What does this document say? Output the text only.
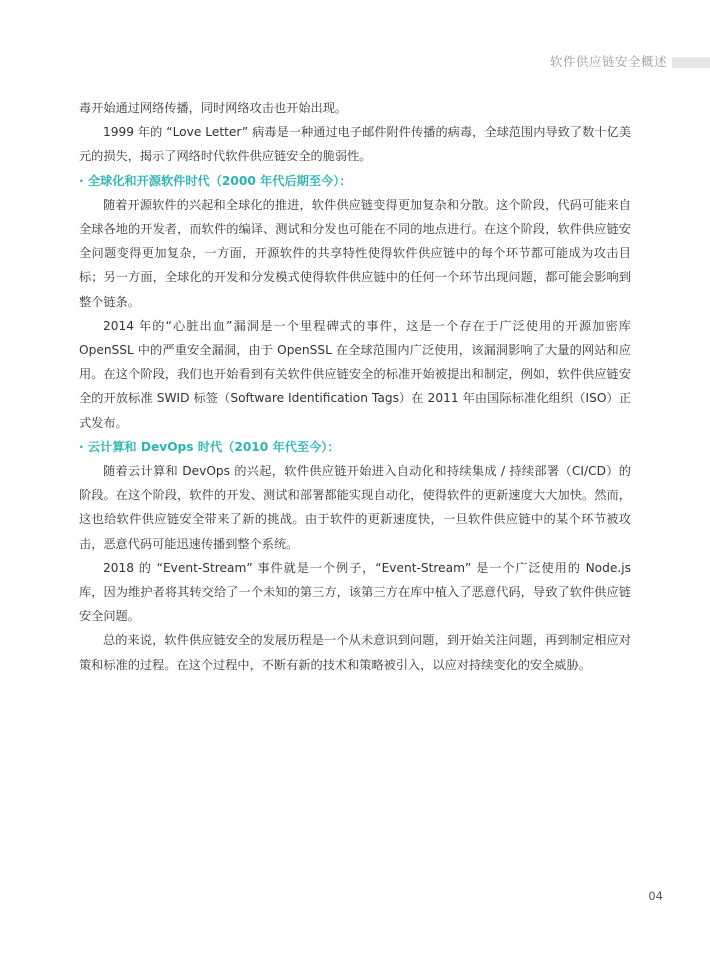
软件供应链安全概述

毒开始通过网络传播，同时网络攻击也开始出现。

1999 年的 “Love Letter” 病毒是一种通过电子邮件附件传播的病毒，全球范围内导致了数十亿美元的损失，揭示了网络时代软件供应链安全的脆弱性。

· 全球化和开源软件时代（2000 年代后期至今）：

随着开源软件的兴起和全球化的推进，软件供应链变得更加复杂和分散。这个阶段，代码可能来自全球各地的开发者，而软件的编译、测试和分发也可能在不同的地点进行。在这个阶段，软件供应链安全问题变得更加复杂，一方面，开源软件的共享特性使得软件供应链中的每个环节都可能成为攻击目标；另一方面，全球化的开发和分发模式使得软件供应链中的任何一个环节出现问题，都可能会影响到整个链条。

2014 年的“心脏出血”漏洞是一个里程碑式的事件，这是一个存在于广泛使用的开源加密库 OpenSSL 中的严重安全漏洞，由于 OpenSSL 在全球范围内广泛使用，该漏洞影响了大量的网站和应用。在这个阶段，我们也开始看到有关软件供应链安全的标准开始被提出和制定，例如，软件供应链安全的开放标准 SWID 标签（Software Identification Tags）在 2011 年由国际标准化组织（ISO）正式发布。

· 云计算和 DevOps 时代（2010 年代至今）：

随着云计算和 DevOps 的兴起，软件供应链开始进入自动化和持续集成 / 持续部署（CI/CD）的阶段。在这个阶段，软件的开发、测试和部署都能实现自动化，使得软件的更新速度大大加快。然而，这也给软件供应链安全带来了新的挑战。由于软件的更新速度快，一旦软件供应链中的某个环节被攻击，恶意代码可能迅速传播到整个系统。

2018 的 “Event-Stream” 事件就是一个例子，“Event-Stream” 是一个广泛使用的 Node.js 库，因为维护者将其转交给了一个未知的第三方，该第三方在库中植入了恶意代码，导致了软件供应链安全问题。

总的来说，软件供应链安全的发展历程是一个从未意识到问题，到开始关注问题，再到制定相应对策和标准的过程。在这个过程中，不断有新的技术和策略被引入，以应对持续变化的安全威胁。

04
